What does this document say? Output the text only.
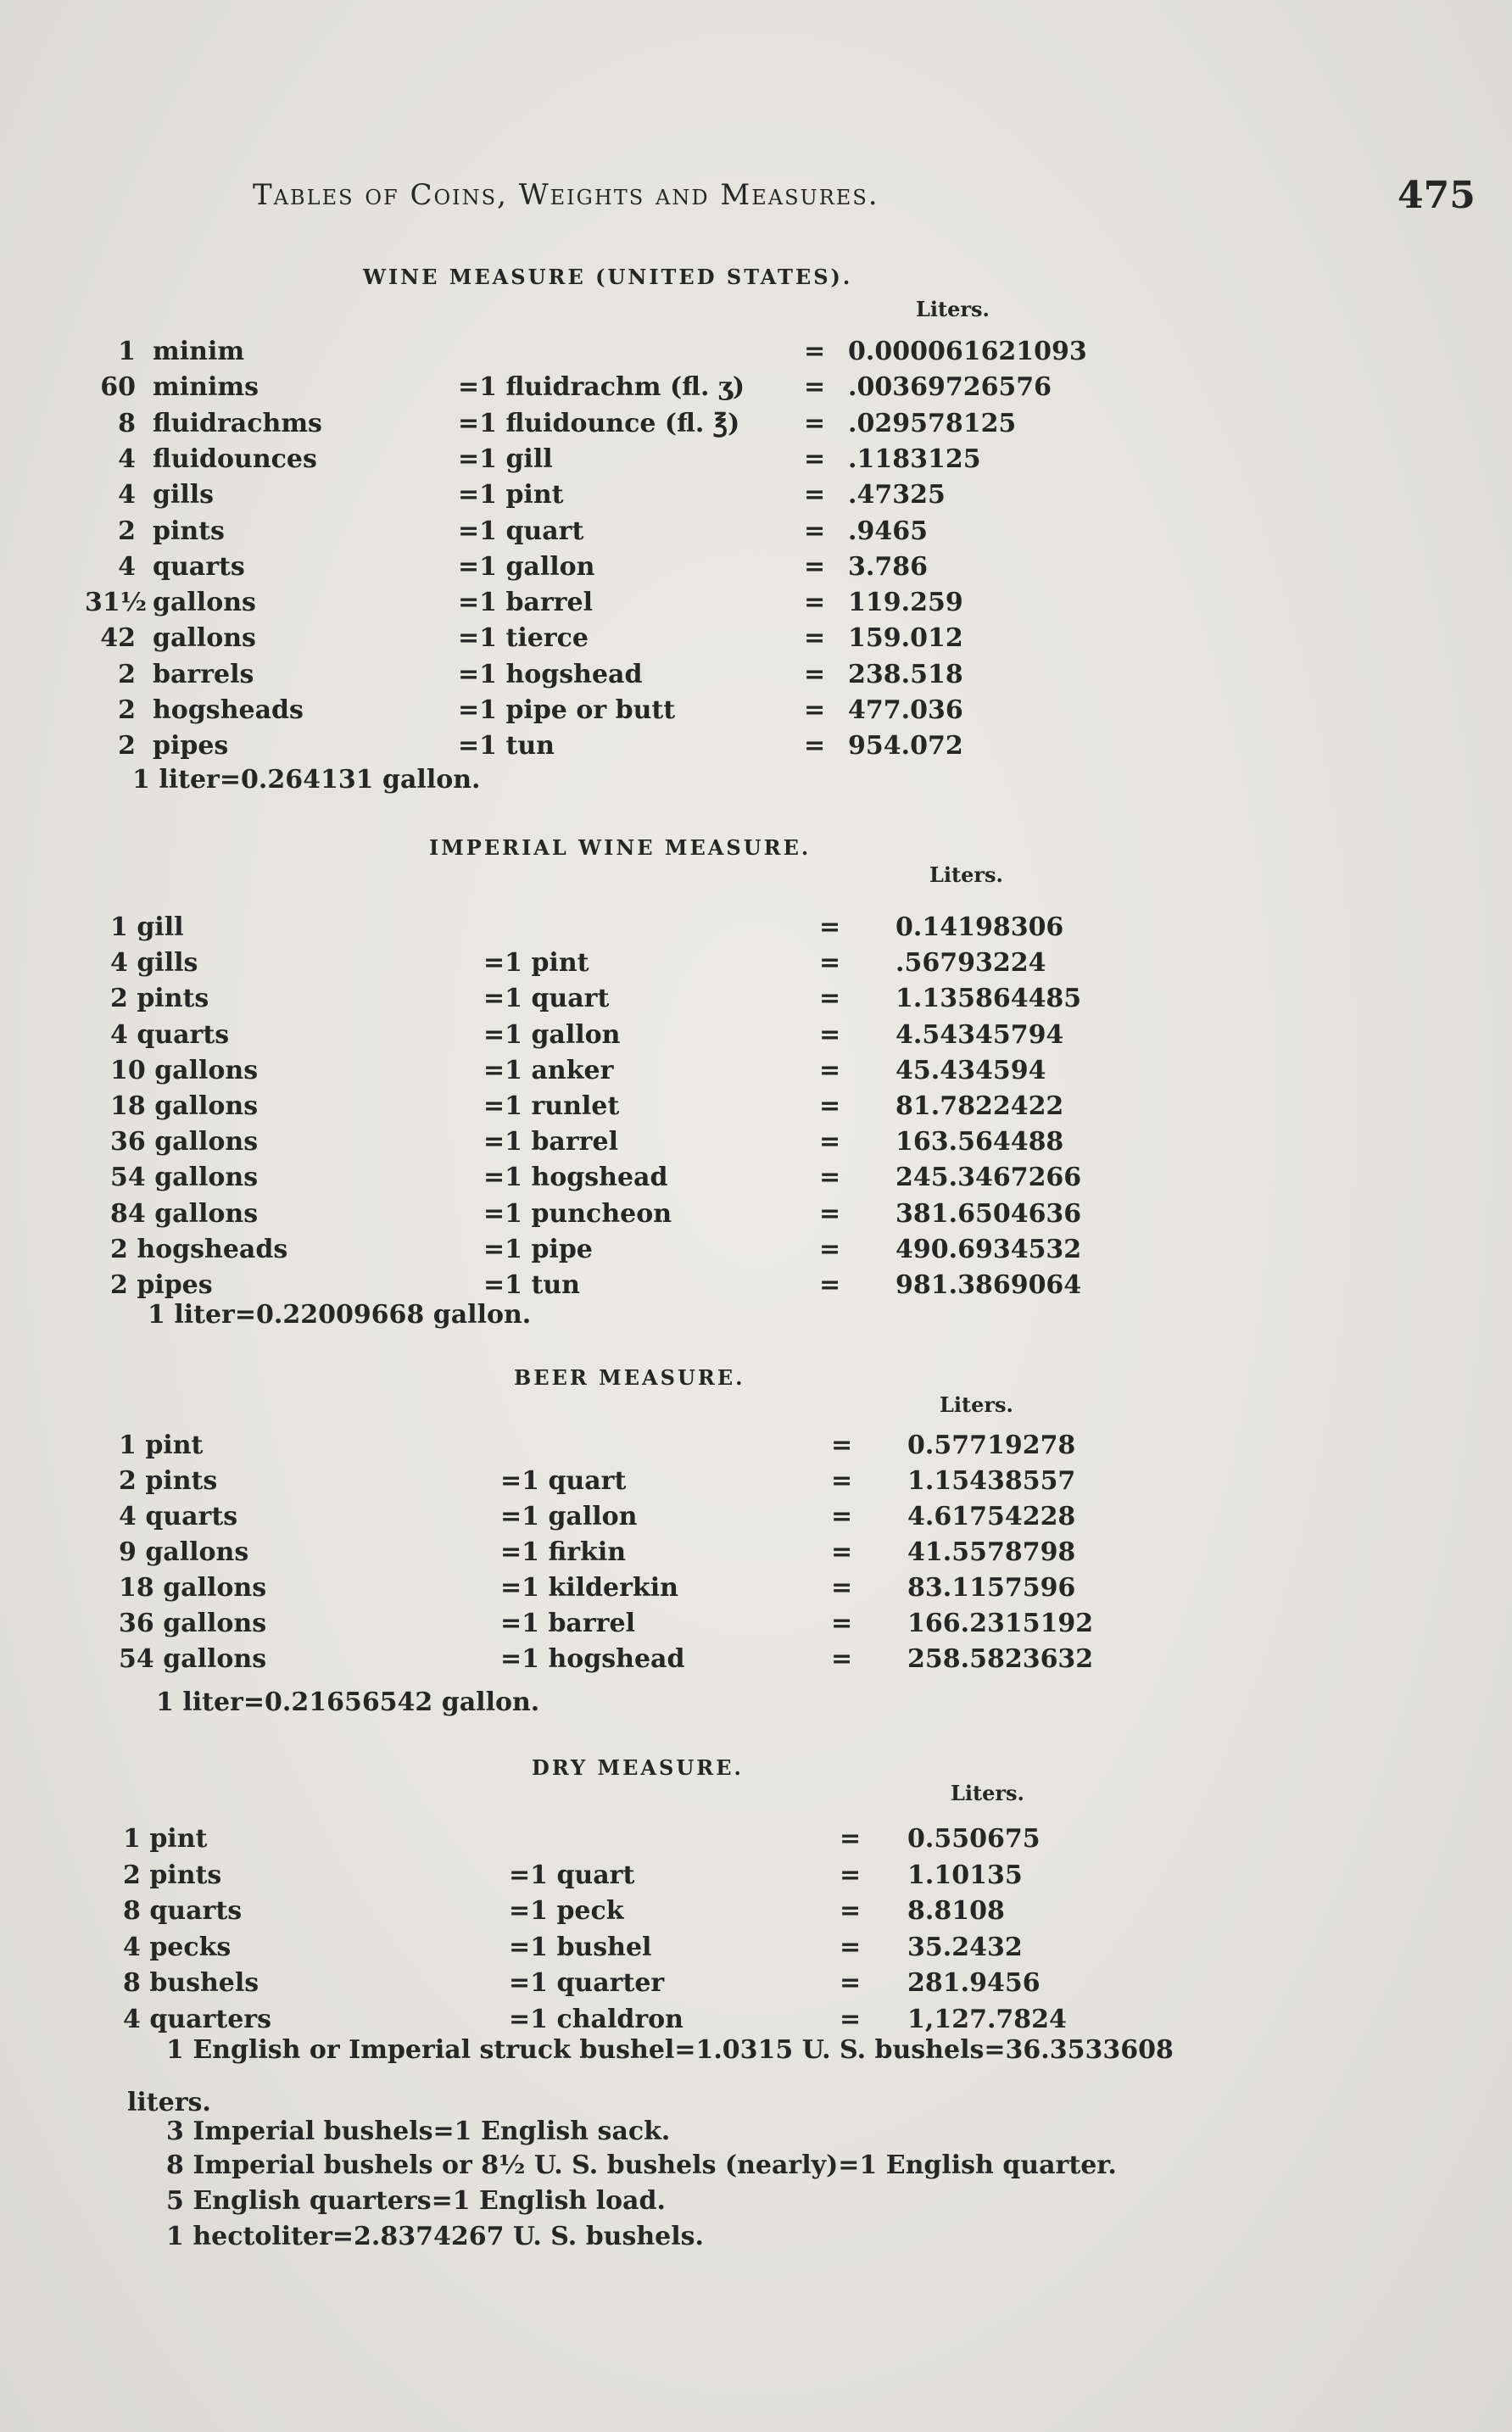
Tables of Coins, Weights and Measures.	475
WINE MEASURE (UNITED STATES).
Liters.
1 minim	= 0.000061621093
60 minims	=1 fluidrachm (fl. ʒ) = .00369726576
8 fluidrachms	=1 fluidounce (fl. ℥)	= .029578125
4 fluidounces	=1 gill	= .1183125
4 gills	=1 pint	= .47325
2 pints	=1 quart	= .9465
4 quarts	=1 gallon	= 3.786
31½ gallons	=1 barrel	= 119.259
42 gallons	=1 tierce	= 159.012
2 barrels	=1 hogshead	= 238.518
2 hogsheads	=1 pipe or butt	= 477.036
2 pipes	=1 tun	= 954.072
1 liter=0.264131 gallon.
IMPERIAL WINE MEASURE.
Liters.
1 gill	= 0.14198306
4 gills	=1 pint	= .56793224
2 pints	=1 quart	= 1.135864485
4 quarts	=1 gallon	= 4.54345794
10 gallons	=1 anker	= 45.434594
18 gallons	=1 runlet	= 81.7822422
36 gallons	=1 barrel	= 163.564488
54 gallons	=1 hogshead	= 245.3467266
84 gallons	=1 puncheon	= 381.6504636
2 hogsheads	=1 pipe	= 490.6934532
2 pipes	=1 tun	= 981.3869064
1 liter=0.22009668 gallon.
BEER MEASURE.
Liters.
1 pint	= 0.57719278
2 pints	=1 quart	= 1.15438557
4 quarts	=1 gallon	= 4.61754228
9 gallons	=1 firkin	= 41.5578798
18 gallons	=1 kilderkin	= 83.1157596
36 gallons	=1 barrel	= 166.2315192
54 gallons	=1 hogshead	= 258.5823632
1 liter=0.21656542 gallon.
DRY MEASURE.
Liters.
1 pint	= 0.550675
2 pints	=1 quart	= 1.10135
8 quarts	=1 peck	= 8.8108
4 pecks	=1 bushel	= 35.2432
8 bushels	=1 quarter	= 281.9456
4 quarters	=1 chaldron	= 1,127.7824
1 English or Imperial struck bushel=1.0315 U. S. bushels=36.3533608
liters.
3 Imperial bushels=1 English sack.
8 Imperial bushels or 8½ U. S. bushels (nearly)=1 English quarter.
5 English quarters=1 English load.
1 hectoliter=2.8374267 U. S. bushels.
